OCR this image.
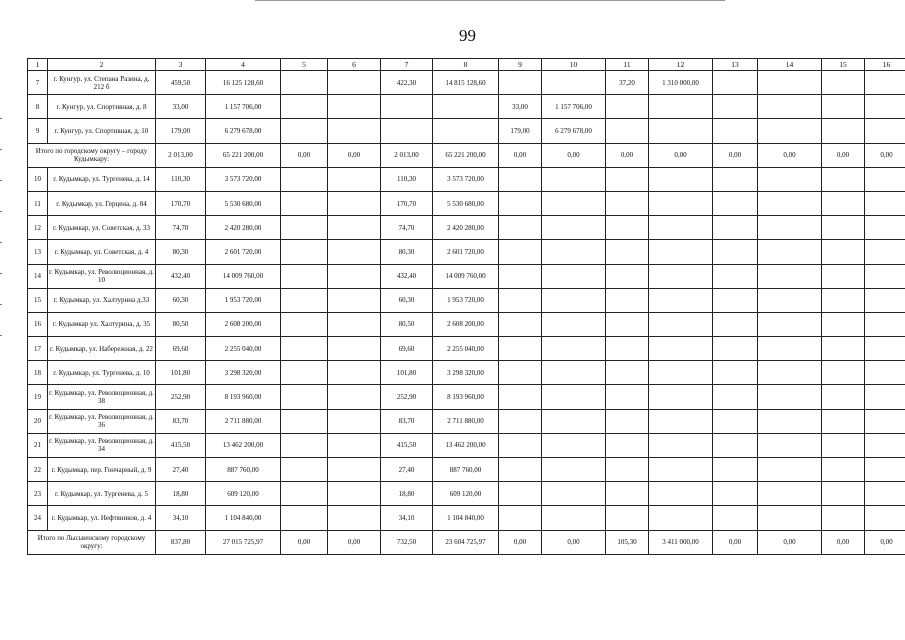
99
1	2	3	4	5	6	7	8	9	10	11	12	13	14	15	16
7	г. Кунгур, ул. Степана Разина, д. 212 б	459,50	16 125 128,60			422,30	14 815 128,60			37,20	1 310 000,00				
8	г. Кунгур, ул. Спортивная, д. 8	33,00	1 157 706,00					33,00	1 157 706,00						
9	г. Кунгур, ул. Спортивная, д. 10	179,00	6 279 678,00					179,00	6 279 678,00						
Итого по городскому округу – городу Кудымкару:		2 013,00	65 221 200,00	0,00	0,00	2 013,00	65 221 200,00	0,00	0,00	0,00	0,00	0,00	0,00	0,00	0,00
10	г. Кудымкар, ул. Тургенева, д. 14	110,30	3 573 720,00			110,30	3 573 720,00								
11	г. Кудымкар, ул. Герцена, д. 84	170,70	5 530 680,00			170,70	5 530 680,00								
12	г. Кудымкар, ул. Советская, д. 33	74,70	2 420 280,00			74,70	2 420 280,00								
13	г. Кудымкар, ул. Советская, д. 4	80,30	2 601 720,00			80,30	2 601 720,00								
14	г. Кудымкар, ул. Революционная, д. 10	432,40	14 009 760,00			432,40	14 009 760,00								
15	г. Кудымкар, ул. Халтурина д.33	60,30	1 953 720,00			60,30	1 953 720,00								
16	г. Кудымкар ул. Халтурина, д. 35	80,50	2 608 200,00			80,50	2 608 200,00								
17	г. Кудымкар, ул. Набережная, д. 22	69,60	2 255 040,00			69,60	2 255 040,00								
18	г. Кудымкар, ул. Тургенева, д. 10	101,80	3 298 320,00			101,80	3 298 320,00								
19	г. Кудымкар, ул. Революционная, д. 38	252,90	8 193 960,00			252,90	8 193 960,00								
20	г. Кудымкар, ул. Революционная, д. 36	83,70	2 711 880,00			83,70	2 711 880,00								
21	г. Кудымкар, ул. Революционная, д. 34	415,50	13 462 200,00			415,50	13 462 200,00								
22	г. Кудымкар, пер. Гончарный, д. 9	27,40	887 760,00			27,40	887 760,00								
23	г. Кудымкар, ул. Тургенева, д. 5	18,80	609 120,00			18,80	609 120,00								
24	г. Кудымкар, ул. Нефтяников, д. 4	34,10	1 104 840,00			34,10	1 104 840,00								
Итого по Лысьвенскому городскому округу:		837,80	27 015 725,97	0,00	0,00	732,50	23 604 725,97	0,00	0,00	105,30	3 411 000,00	0,00	0,00	0,00	0,00
